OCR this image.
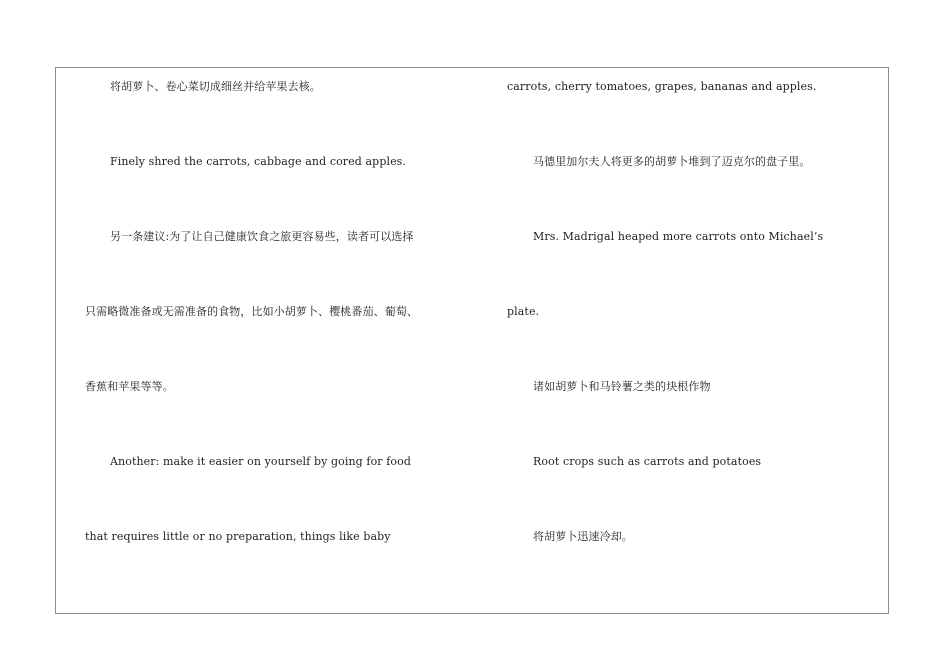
将胡萝卜、卷心菜切成细丝并给苹果去核。
Finely shred the carrots, cabbage and cored apples.
另一条建议:为了让自己健康饮食之旅更容易些，读者可以选择
只需略微准备或无需准备的食物，比如小胡萝卜、樱桃番茄、葡萄、
香蕉和苹果等等。
Another: make it easier on yourself by going for food
that requires little or no preparation, things like baby
carrots, cherry tomatoes, grapes, bananas and apples.
马德里加尔夫人将更多的胡萝卜堆到了迈克尔的盘子里。
Mrs. Madrigal heaped more carrots onto Michael’s
plate.
诸如胡萝卜和马铃薯之类的块根作物
Root crops such as carrots and potatoes
将胡萝卜迅速冷却。
